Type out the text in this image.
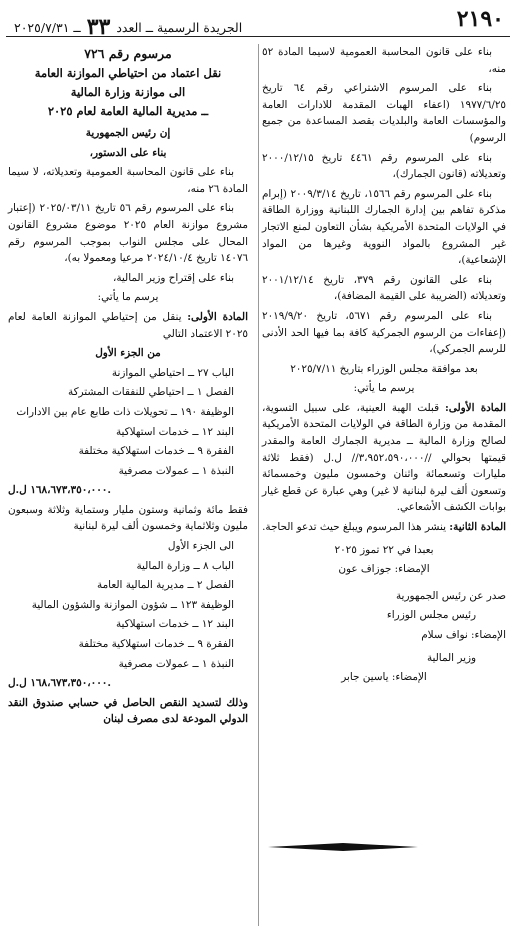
٢١٩٠
الجريدة الرسمية ــ العدد ٣٣ ــ ٢٠٢٥/٧/٣١

بناء على قانون المحاسبة العمومية لاسيما المادة ٥٢ منه،

بناء على المرسوم الاشتراعي رقم ٦٤ تاريخ ١٩٧٧/٦/٢٥ (اعفاء الهبات المقدمة للادارات العامة والمؤسسات العامة والبلديات بقصد المساعدة من جميع الرسوم)

بناء على المرسوم رقم ٤٤٦١ تاريخ ٢٠٠٠/١٢/١٥ وتعديلاته (قانون الجمارك)،

بناء على المرسوم رقم ١٥٦٦، تاريخ ٢٠٠٩/٣/١٤ (إبرام مذكرة تفاهم بين إدارة الجمارك اللبنانية ووزارة الطاقة في الولايات المتحدة الأمريكية بشأن التعاون لمنع الاتجار غير المشروع بالمواد النووية وغيرها من المواد الإشعاعية)،

بناء على القانون رقم ٣٧٩، تاريخ ٢٠٠١/١٢/١٤ وتعديلاته (الضريبة على القيمة المضافة)،

بناء على المرسوم رقم ٥٦٧١، تاريخ ٢٠١٩/٩/٢٠ (إعفاءات من الرسوم الجمركية كافة بما فيها الحد الأدنى للرسم الجمركي)،

بعد موافقة مجلس الوزراء بتاريخ ٢٠٢٥/٧/١١

يرسم ما يأتي:

المادة الأولى: قبلت الهبة العينية، على سبيل التسوية، المقدمة من وزارة الطاقة في الولايات المتحدة الأمريكية لصالح وزارة المالية ــ مديرية الجمارك العامة والمقدر قيمتها بحوالي //٣،٩٥٢،٥٩٠،٠٠٠// ل.ل (فقط ثلاثة مليارات وتسعمائة واثنان وخمسون مليون وخمسمائة وتسعون ألف ليرة لبنانية لا غير) وهي عبارة عن قطع غيار بوابات الكشف الأشعاعي.

المادة الثانية: ينشر هذا المرسوم ويبلغ حيث تدعو الحاجة.

بعبدا في ٢٢ تموز ٢٠٢٥

الإمضاء: جوزاف عون

صدر عن رئيس الجمهورية

رئيس مجلس الوزراء

الإمضاء: نواف سلام

وزير المالية

الإمضاء: ياسين جابر

مرسوم رقم ٧٢٦

نقل اعتماد من احتياطي الموازنة العامة

الى موازنة وزارة المالية

ــ مديرية المالية العامة لعام ٢٠٢٥

إن رئيس الجمهورية

بناء على الدستور،

بناء على قانون المحاسبة العمومية وتعديلاته، لا سيما المادة ٢٦ منه،

بناء على المرسوم رقم ٥٦ تاريخ ٢٠٢٥/٠٣/١١ (إعتبار مشروع موازنة العام ٢٠٢٥ موضوع مشروع القانون المحال على مجلس النواب بموجب المرسوم رقم ١٤٠٧٦ تاريخ ٢٠٢٤/١٠/٤ مرعيا ومعمولا به)،

بناء على إقتراح وزير المالية،

يرسم ما يأتي:

المادة الأولى: ينقل من إحتياطي الموازنة العامة لعام ٢٠٢٥ الاعتماد التالي

من الجزء الأول

الباب ٢٧ ــ احتياطي الموازنة

الفصل ١ ــ احتياطي للنفقات المشتركة

الوظيفة ١٩٠ ــ تحويلات ذات طابع عام بين الادارات

البند ١٢ ــ خدمات استهلاكية

الفقرة ٩ ــ خدمات استهلاكية مختلفة

النبذة ١ ــ عمولات مصرفية

١٦٨،٦٧٣،٣٥٠،٠٠٠ ل.ل.

فقط مائة وثمانية وستون مليار وستماية وثلاثة وسبعون مليون وثلاثماية وخمسون ألف ليرة لبنانية

الى الجزء الأول

الباب ٨ ــ وزارة المالية

الفصل ٢ ــ مديرية المالية العامة

الوظيفة ١٢٣ ــ شؤون الموازنة والشؤون المالية

البند ١٢ ــ خدمات استهلاكية

الفقرة ٩ ــ خدمات استهلاكية مختلفة

النبذة ١ ــ عمولات مصرفية

١٦٨،٦٧٣،٣٥٠،٠٠٠ ل.ل.

وذلك لتسديد النقص الحاصل في حسابي صندوق النقد الدولي المودعة لدى مصرف لبنان
